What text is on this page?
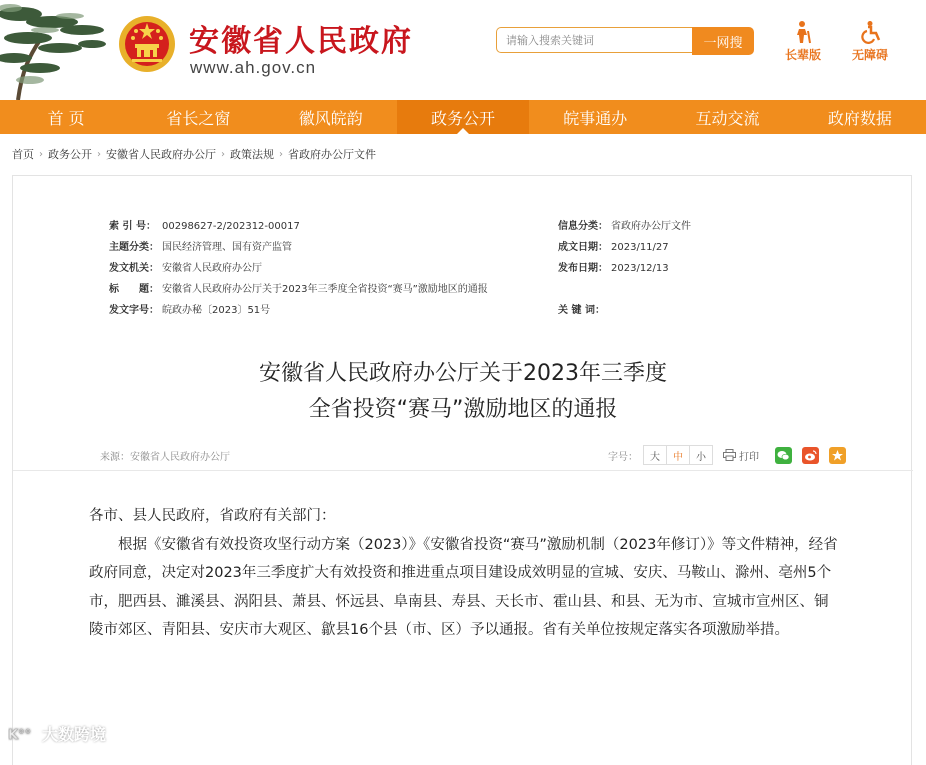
安徽省人民政府
www.ah.gov.cn
请输入搜索关键词
一网搜
长辈版	无障碍
首 页	省长之窗	徽风皖韵	政务公开	皖事通办	互动交流	政府数据
首页 › 政务公开 › 安徽省人民政府办公厅 › 政策法规 › 省政府办公厅文件
索 引 号： 00298627-2/202312-00017
主题分类： 国民经济管理、国有资产监管
发文机关： 安徽省人民政府办公厅
标　　题： 安徽省人民政府办公厅关于2023年三季度全省投资“赛马”激励地区的通报
发文字号： 皖政办秘〔2023〕51号
信息分类： 省政府办公厅文件
成文日期： 2023/11/27
发布日期： 2023/12/13
关 键 词：
安徽省人民政府办公厅关于2023年三季度
全省投资“赛马”激励地区的通报
来源：安徽省人民政府办公厅	字号：	大	中	小	打印

各市、县人民政府，省政府有关部门：

根据《安徽省有效投资攻坚行动方案（2023）》《安徽省投资“赛马”激励机制（2023年修订）》等文件精神，经省政府同意，决定对2023年三季度扩大有效投资和推进重点项目建设成效明显的宣城、安庆、马鞍山、滁州、亳州5个市，肥西县、濉溪县、涡阳县、萧县、怀远县、阜南县、寿县、天长市、霍山县、和县、无为市、宣城市宣州区、铜陵市郊区、青阳县、安庆市大观区、歙县16个县（市、区）予以通报。省有关单位按规定落实各项激励举措。

K°° 大数跨境
